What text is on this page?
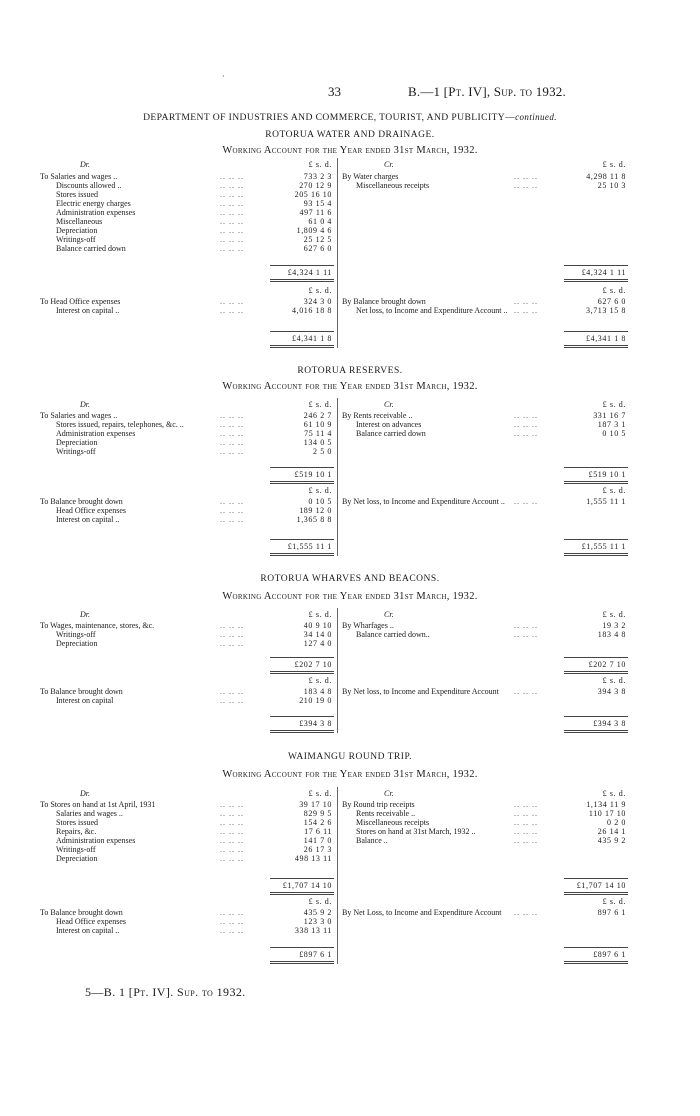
·
33	B.—1 [Pt. IV], Sup. to 1932.
DEPARTMENT OF INDUSTRIES AND COMMERCE, TOURIST, AND PUBLICITY—continued.
ROTORUA WATER AND DRAINAGE.
Working Account for the Year ended 31st March, 1932.
Dr.	Cr.
£ s. d.	£ s. d.
.. .. ..
To Salaries and wages ..	733 2 3
.. .. ..
Discounts allowed ..	270 12 9
.. .. ..
Stores issued	205 16 10
.. .. ..
Electric energy charges	93 15 4
.. .. ..
Administration expenses	497 11 6
.. .. ..
Miscellaneous	61 0 4
.. .. ..
Depreciation	1,809 4 6
.. .. ..
Writings-off	25 12 5
.. .. ..
Balance carried down	627 6 0
.. .. ..
By Water charges	4,298 11 8
.. .. ..
Miscellaneous receipts	25 10 3
£4,324 1 11	£4,324 1 11
£ s. d.	£ s. d.
.. .. ..
To Head Office expenses	324 3 0
.. .. ..
Interest on capital ..	4,016 18 8
.. .. ..
By Balance brought down	627 6 0
.. .. ..
Net loss, to Income and Expenditure Account ..	3,713 15 8
£4,341 1 8	£4,341 1 8
ROTORUA RESERVES.
Working Account for the Year ended 31st March, 1932.
Dr.	Cr.
£ s. d.	£ s. d.
.. .. ..
To Salaries and wages ..	246 2 7
.. .. ..
Stores issued, repairs, telephones, &c. ..	61 10 9
.. .. ..
Administration expenses	75 11 4
.. .. ..
Depreciation	134 0 5
.. .. ..
Writings-off	2 5 0
.. .. ..
By Rents receivable ..	331 16 7
.. .. ..
Interest on advances	187 3 1
.. .. ..
Balance carried down	0 10 5
£519 10 1	£519 10 1
£ s. d.	£ s. d.
.. .. ..
To Balance brought down	0 10 5
.. .. ..
Head Office expenses	189 12 0
.. .. ..
Interest on capital ..	1,365 8 8
.. .. ..
By Net loss, to Income and Expenditure Account ..	1,555 11 1
£1,555 11 1	£1,555 11 1
ROTORUA WHARVES AND BEACONS.
Working Account for the Year ended 31st March, 1932.
Dr.	Cr.
£ s. d.	£ s. d.
.. .. ..
To Wages, maintenance, stores, &c.	40 9 10
.. .. ..
Writings-off	34 14 0
.. .. ..
Depreciation	127 4 0
.. .. ..
By Wharfages ..	19 3 2
.. .. ..
Balance carried down..	183 4 8
£202 7 10	£202 7 10
£ s. d.	£ s. d.
.. .. ..
To Balance brought down	183 4 8
.. .. ..
Interest on capital	210 19 0
.. .. ..
By Net loss, to Income and Expenditure Account	394 3 8
£394 3 8	£394 3 8
WAIMANGU ROUND TRIP.
Working Account for the Year ended 31st March, 1932.
Dr.	Cr.
£ s. d.	£ s. d.
.. .. ..
To Stores on hand at 1st April, 1931	39 17 10
.. .. ..
Salaries and wages ..	829 9 5
.. .. ..
Stores issued	154 2 6
.. .. ..
Repairs, &c.	17 6 11
.. .. ..
Administration expenses	141 7 0
.. .. ..
Writings-off	26 17 3
.. .. ..
Depreciation	498 13 11
.. .. ..
By Round trip receipts	1,134 11 9
.. .. ..
Rents receivable ..	110 17 10
.. .. ..
Miscellaneous receipts	0 2 0
.. .. ..
Stores on hand at 31st March, 1932 ..	26 14 1
.. .. ..
Balance ..	435 9 2
£1,707 14 10	£1,707 14 10
£ s. d.	£ s. d.
.. .. ..
To Balance brought down	435 9 2
.. .. ..
Head Office expenses	123 3 0
.. .. ..
Interest on capital ..	338 13 11
.. .. ..
By Net Loss, to Income and Expenditure Account	897 6 1
£897 6 1	£897 6 1
5—B. 1 [Pt. IV]. Sup. to 1932.
